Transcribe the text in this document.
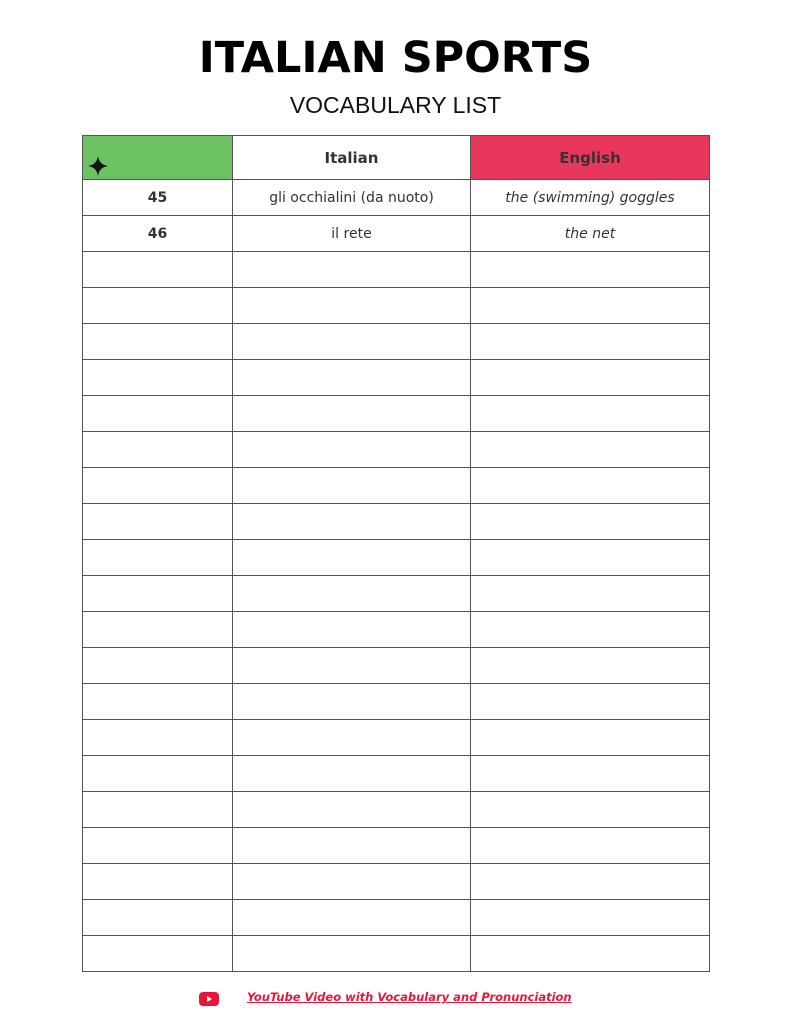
ITALIAN SPORTS
VOCABULARY LIST
	Italian	English
45	gli occhialini (da nuoto)	the (swimming) goggles
46	il rete	the net

YouTube Video with Vocabulary and Pronunciation
